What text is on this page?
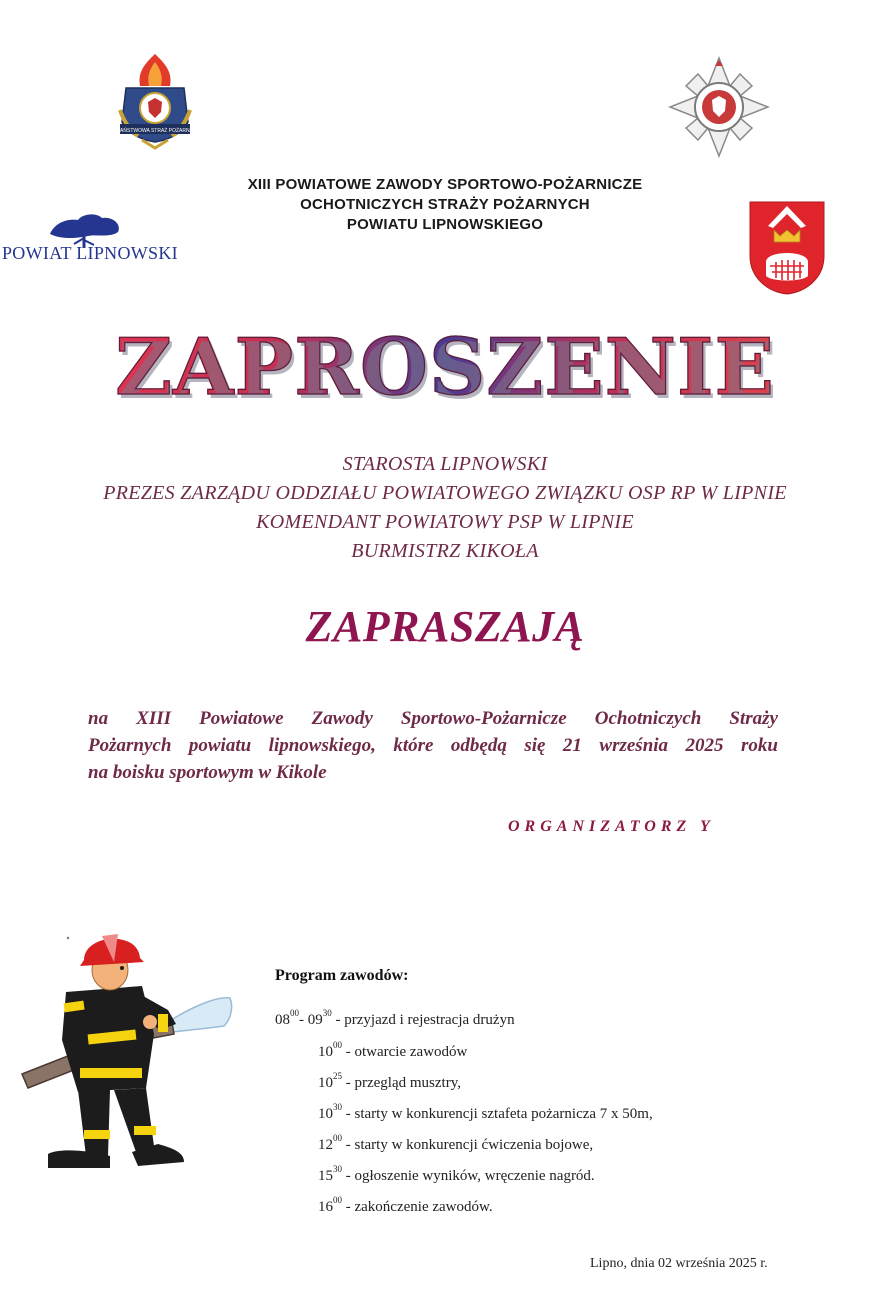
PAŃSTWOWA STRAŻ POŻARNA
XIII POWIATOWE ZAWODY SPORTOWO-POŻARNICZE
OCHOTNICZYCH STRAŻY POŻARNYCH
POWIATU LIPNOWSKIEGO
POWIAT LIPNOWSKI
ZAPROSZENIE
STAROSTA LIPNOWSKI
PREZES ZARZĄDU ODDZIAŁU POWIATOWEGO ZWIĄZKU OSP RP W LIPNIE
KOMENDANT POWIATOWY PSP W LIPNIE
BURMISTRZ KIKOŁA
ZAPRASZAJĄ
na XIII Powiatowe Zawody Sportowo-Pożarnicze Ochotniczych Straży
Pożarnych powiatu lipnowskiego, które odbędą się 21 września 2025 roku
na boisku sportowym w Kikole
ORGANIZATORZ Y
Program zawodów:
$08^{00}-$ $09^{30}$ - przyjazd i rejestracja drużyn
$10^{00}$ - otwarcie zawodów
$10^{25}$ - przegląd musztry,
$10^{30}$ - starty w konkurencji sztafeta pożarnicza 7 x 50m,
$12^{00}$ - starty w konkurencji ćwiczenia bojowe,
$15^{30}$ - ogłoszenie wyników, wręczenie nagród.
$16^{00}$ - zakończenie zawodów.
Lipno, dnia 02 września 2025 r.
